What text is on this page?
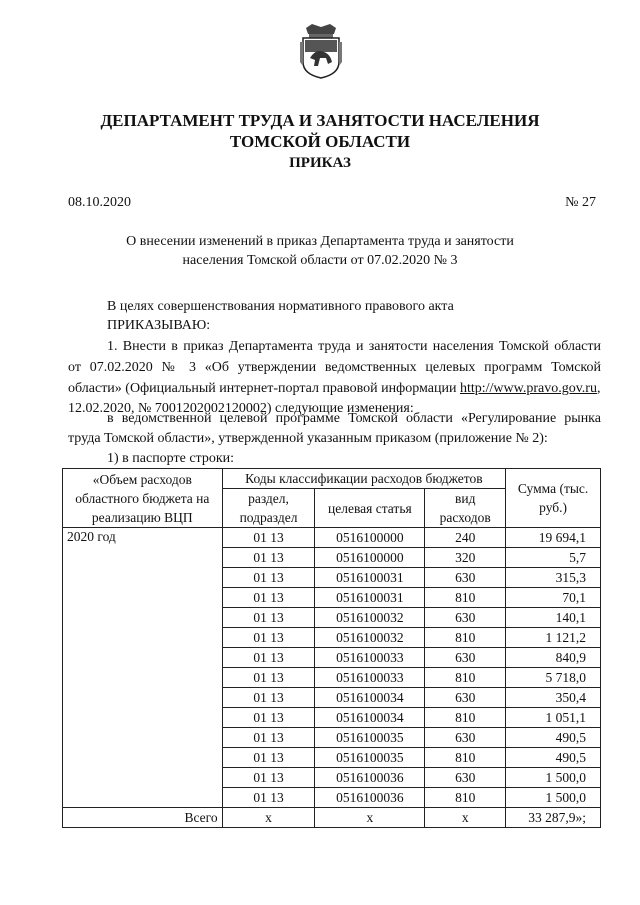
ДЕПАРТАМЕНТ ТРУДА И ЗАНЯТОСТИ НАСЕЛЕНИЯ
ТОМСКОЙ ОБЛАСТИ
ПРИКАЗ
08.10.2020	№ 27
О внесении изменений в приказ Департамента труда и занятости
населения Томской области от 07.02.2020 № 3
В целях совершенствования нормативного правового акта
ПРИКАЗЫВАЮ:
1. Внести в приказ Департамента труда и занятости населения Томской области
от 07.02.2020 № 3 «Об утверждении ведомственных целевых программ Томской
области» (Официальный интернет-портал правовой информации http://www.pravo.gov.ru,
12.02.2020, № 7001202002120002) следующие изменения:
в ведомственной целевой программе Томской области «Регулирование рынка
труда Томской области», утвержденной указанным приказом (приложение № 2):
1) в паспорте строки:
«Объем расходов областного бюджета на реализацию ВЦП	Коды классификации расходов бюджетов			Сумма (тыс. руб.)
	раздел, подраздел	целевая статья	вид расходов	
2020 год	01 13	0516100000	240	19 694,1
	01 13	0516100000	320	5,7
	01 13	0516100031	630	315,3
	01 13	0516100031	810	70,1
	01 13	0516100032	630	140,1
	01 13	0516100032	810	1 121,2
	01 13	0516100033	630	840,9
	01 13	0516100033	810	5 718,0
	01 13	0516100034	630	350,4
	01 13	0516100034	810	1 051,1
	01 13	0516100035	630	490,5
	01 13	0516100035	810	490,5
	01 13	0516100036	630	1 500,0
	01 13	0516100036	810	1 500,0
Всего	х	х	х	33 287,9»;
